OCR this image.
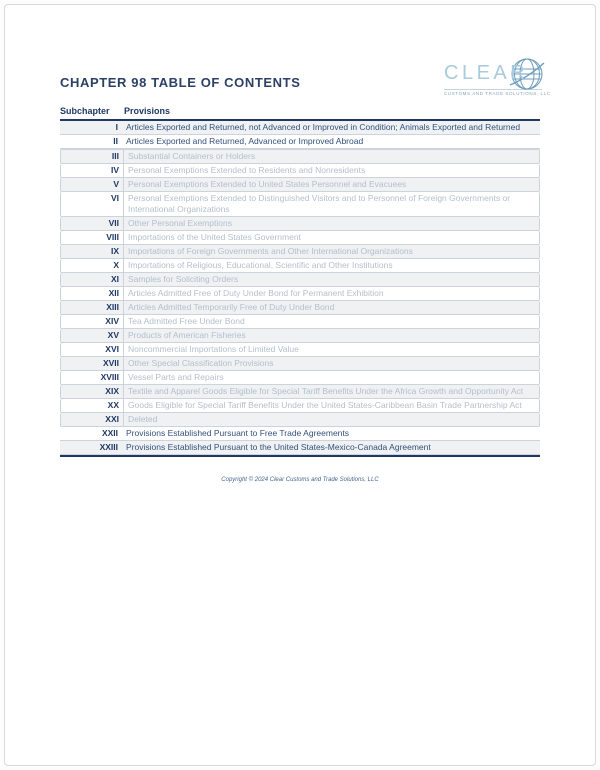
CHAPTER 98 TABLE OF CONTENTS	CLEAR
CUSTOMS AND TRADE SOLUTIONS, LLC
Subchapter	Provisions
I Articles Exported and Returned, not Advanced or Improved in Condition; Animals Exported and Returned
II Articles Exported and Returned, Advanced or Improved Abroad
III	Substantial Containers or Holders
IV	Personal Exemptions Extended to Residents and Nonresidents
V	Personal Exemptions Extended to United States Personnel and Evacuees
VI	Personal Exemptions Extended to Distinguished Visitors and to Personnel of Foreign Governments or International Organizations
VII	Other Personal Exemptions
VIII	Importations of the United States Government
IX	Importations of Foreign Governments and Other International Organizations
X	Importations of Religious, Educational, Scientific and Other Institutions
XI	Samples for Soliciting Orders
XII	Articles Admitted Free of Duty Under Bond for Permanent Exhibition
XIII	Articles Admitted Temporarily Free of Duty Under Bond
XIV	Tea Admitted Free Under Bond
XV	Products of American Fisheries
XVI	Noncommercial Importations of Limited Value
XVII	Other Special Classification Provisions
XVIII	Vessel Parts and Repairs
XIX	Textile and Apparel Goods Eligible for Special Tariff Benefits Under the Africa Growth and Opportunity Act
XX	Goods Eligible for Special Tariff Benefits Under the United States-Caribbean Basin Trade Partnership Act
XXI	Deleted
XXII Provisions Established Pursuant to Free Trade Agreements
XXIII Provisions Established Pursuant to the United States-Mexico-Canada Agreement
Copyright © 2024 Clear Customs and Trade Solutions, LLC
